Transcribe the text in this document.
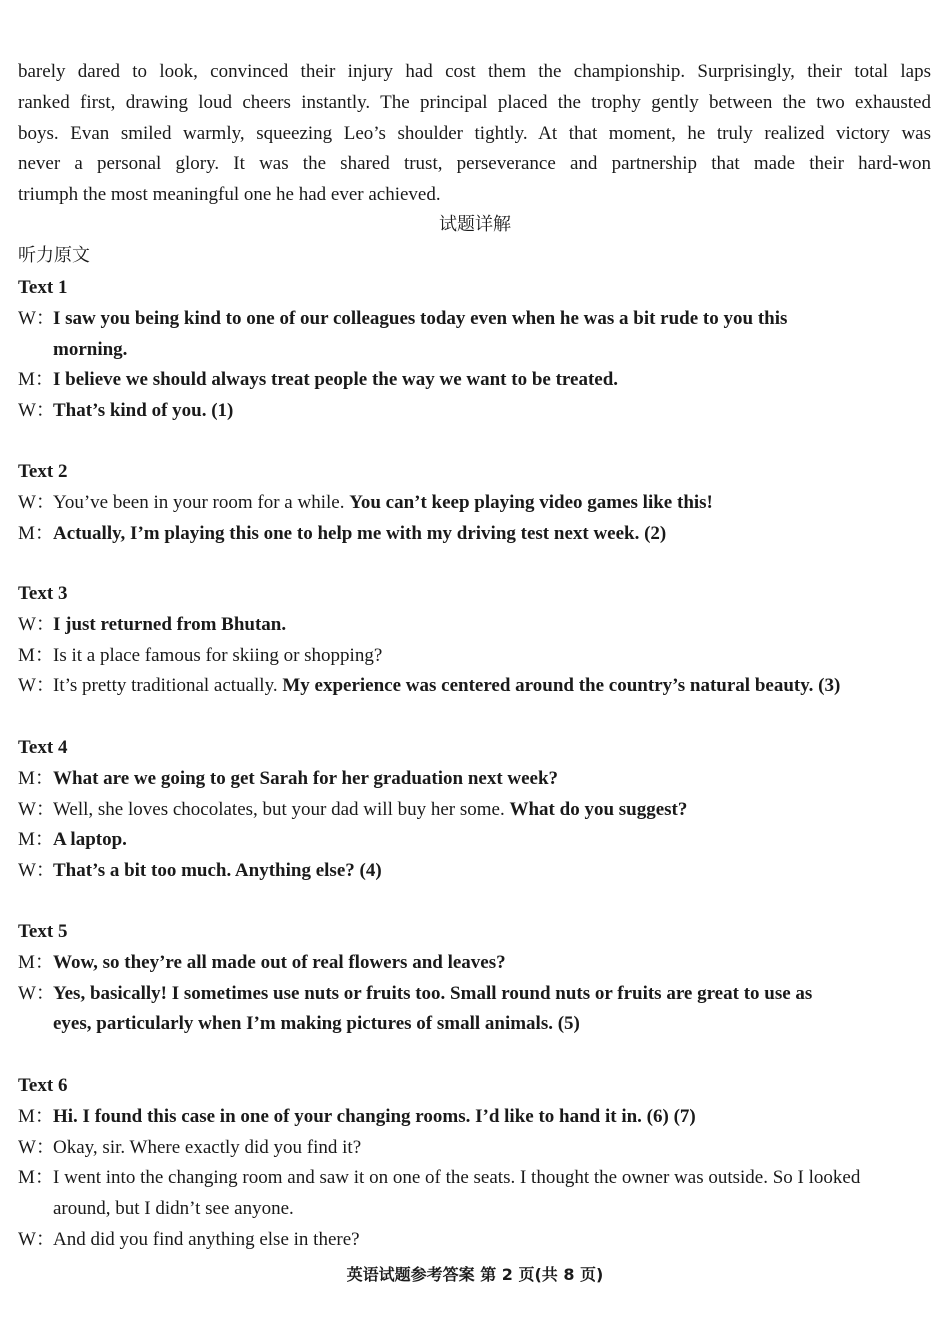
barely dared to look, convinced their injury had cost them the championship. Surprisingly, their total laps
ranked first, drawing loud cheers instantly. The principal placed the trophy gently between the two exhausted
boys. Evan smiled warmly, squeezing Leo’s shoulder tightly. At that moment, he truly realized victory was
never a personal glory. It was the shared trust, perseverance and partnership that made their hard-won
triumph the most meaningful one he had ever achieved.
试题详解
听力原文
Text 1
W：
I saw you being kind to one of our colleagues today even when he was a bit rude to you this
morning.
M： I believe we should always treat people the way we want to be treated.
W：
That’s kind of you. (1)
Text 2
W：
You’ve been in your room for a while. You can’t keep playing video games like this!
M： Actually, I’m playing this one to help me with my driving test next week. (2)
Text 3
W：
I just returned from Bhutan.
M： Is it a place famous for skiing or shopping?
W：
It’s pretty traditional actually. My experience was centered around the country’s natural beauty. (3)
Text 4
M： What are we going to get Sarah for her graduation next week?
W：
Well, she loves chocolates, but your dad will buy her some. What do you suggest?
M： A laptop.
W：
That’s a bit too much. Anything else? (4)
Text 5
M： Wow, so they’re all made out of real flowers and leaves?
W：
Yes, basically! I sometimes use nuts or fruits too. Small round nuts or fruits are great to use as
eyes, particularly when I’m making pictures of small animals. (5)
Text 6
M： Hi. I found this case in one of your changing rooms. I’d like to hand it in. (6) (7)
W：
Okay, sir. Where exactly did you find it?
M： I went into the changing room and saw it on one of the seats. I thought the owner was outside. So I looked
around, but I didn’t see anyone.
W：
And did you find anything else in there?
英语试题参考答案 第 2 页(共 8 页)
